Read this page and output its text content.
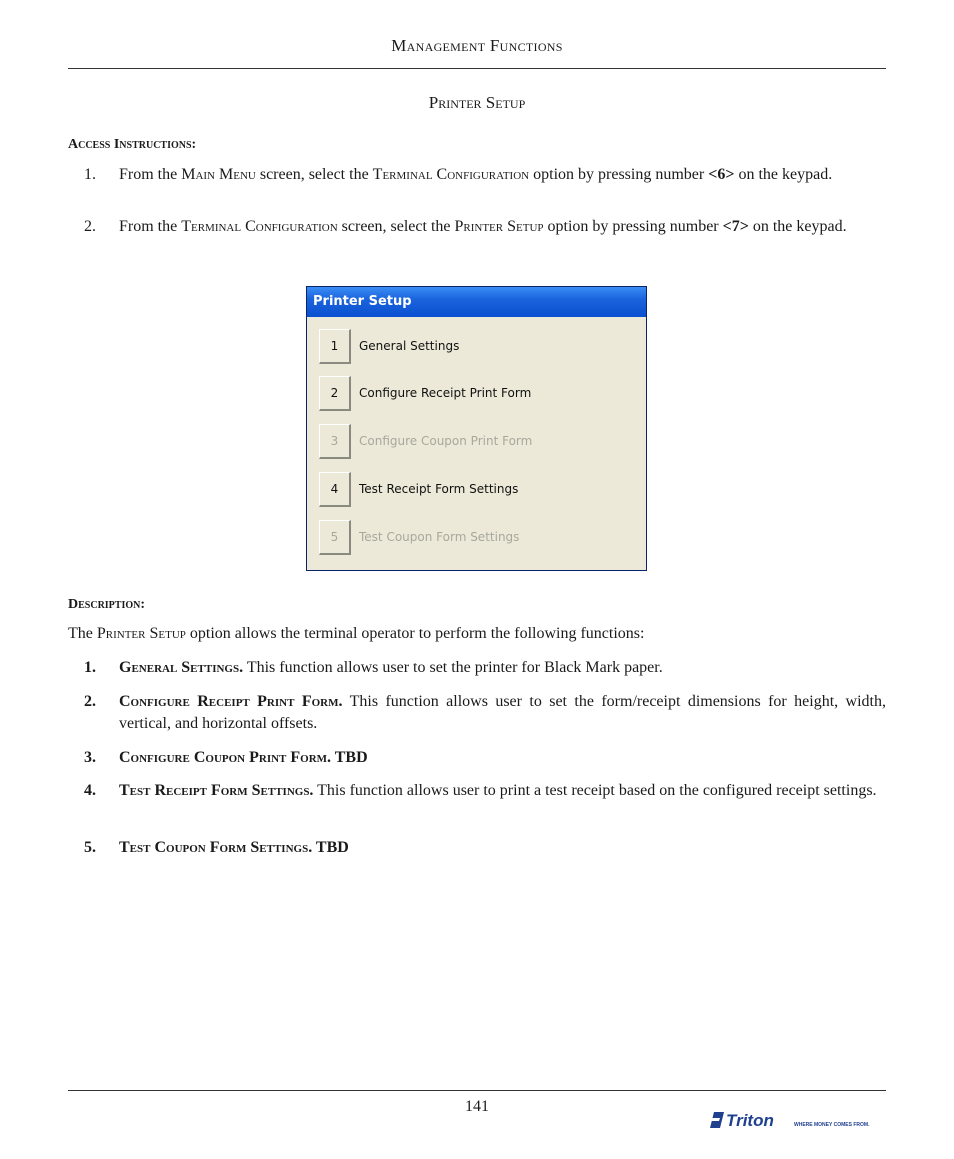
Management Functions
Printer Setup
Access Instructions:
1. From the Main Menu screen, select the Terminal Configuration option by pressing number <6> on the keypad.
2. From the Terminal Configuration screen, select the Printer Setup option by pressing number <7> on the keypad.
Printer Setup
1	General Settings
2	Configure Receipt Print Form
3	Configure Coupon Print Form
4	Test Receipt Form Settings
5	Test Coupon Form Settings
Description:
The Printer Setup option allows the terminal operator to perform the following functions:
1. General Settings. This function allows user to set the printer for Black Mark paper.
2. Configure Receipt Print Form. This function allows user to set the form/receipt dimensions for height, width, vertical, and horizontal offsets.
3. Configure Coupon Print Form. TBD
4. Test Receipt Form Settings. This function allows user to print a test receipt based on the configured receipt settings.
5. Test Coupon Form Settings. TBD
141
Triton	WHERE MONEY COMES FROM.
